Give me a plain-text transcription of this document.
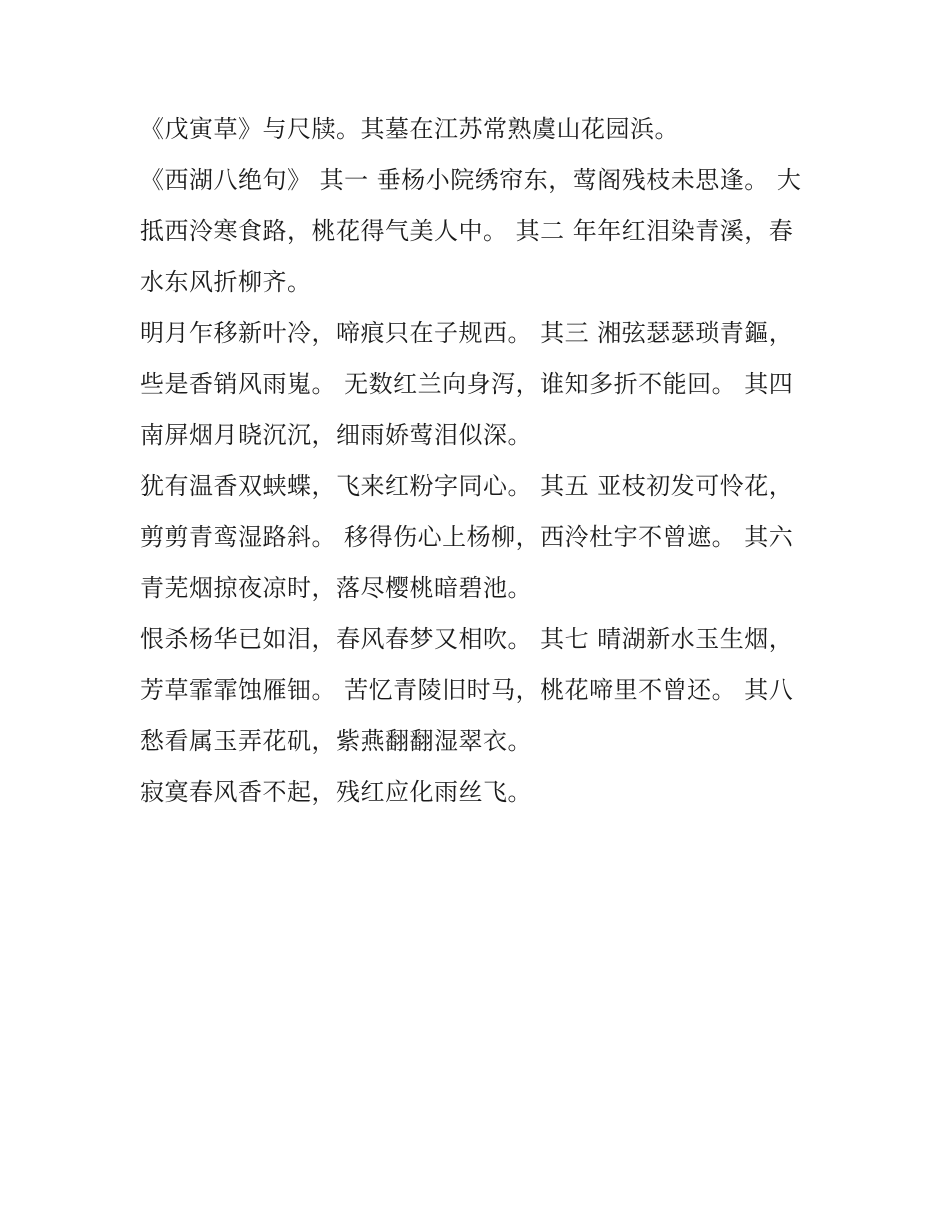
《戊寅草》与尺牍。其墓在江苏常熟虞山花园浜。

《西湖八绝句》 其一 垂杨小院绣帘东，莺阁残枝未思逢。 大

抵西泠寒食路，桃花得气美人中。 其二 年年红泪染青溪，春

水东风折柳齐。

明月乍移新叶冷，啼痕只在子规西。 其三 湘弦瑟瑟琐青鏂，

些是香销风雨嵬。 无数红兰向身泻，谁知多折不能回。 其四

南屏烟月晓沉沉，细雨娇莺泪似深。

犹有温香双蛱蝶，飞来红粉字同心。 其五 亚枝初发可怜花，

剪剪青鸾湿路斜。 移得伤心上杨柳，西泠杜宇不曾遮。 其六

青芜烟掠夜凉时，落尽樱桃暗碧池。

恨杀杨华已如泪，春风春梦又相吹。 其七 晴湖新水玉生烟，

芳草霏霏蚀雁钿。 苦忆青陵旧时马，桃花啼里不曾还。 其八

愁看属玉弄花矶，紫燕翻翻湿翠衣。

寂寞春风香不起，残红应化雨丝飞。
